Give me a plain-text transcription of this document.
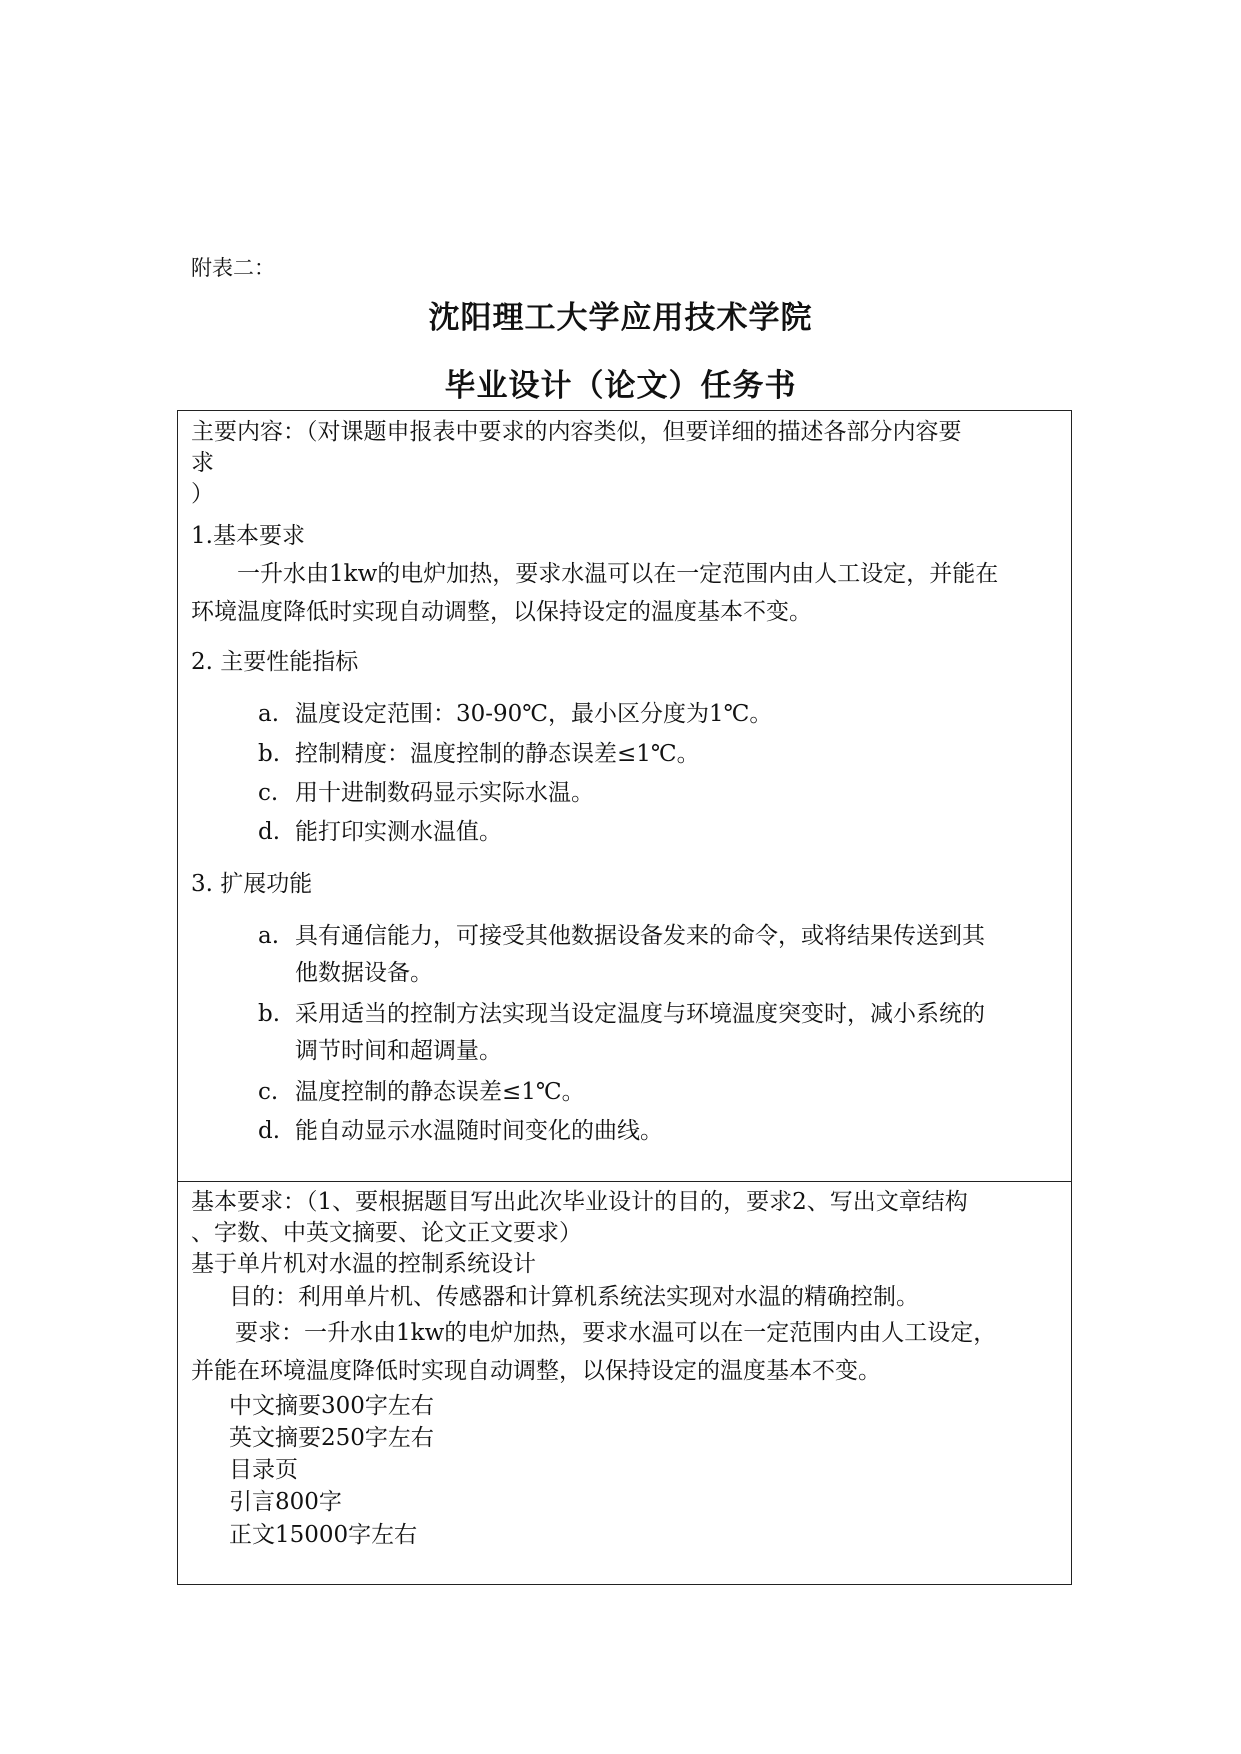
附表二：
沈阳理工大学应用技术学院
毕业设计（论文）任务书
主要内容：（对课题申报表中要求的内容类似，但要详细的描述各部分内容要
求
）
1.基本要求
一升水由1kw的电炉加热，要求水温可以在一定范围内由人工设定，并能在
环境温度降低时实现自动调整，以保持设定的温度基本不变。
2. 主要性能指标
a. 温度设定范围：30-90℃，最小区分度为1℃。
b. 控制精度：温度控制的静态误差≤1℃。
c. 用十进制数码显示实际水温。
d. 能打印实测水温值。
3. 扩展功能
a. 具有通信能力，可接受其他数据设备发来的命令，或将结果传送到其
他数据设备。
b. 采用适当的控制方法实现当设定温度与环境温度突变时，减小系统的
调节时间和超调量。
c. 温度控制的静态误差≤1℃。
d. 能自动显示水温随时间变化的曲线。
基本要求：（1、要根据题目写出此次毕业设计的目的，要求2、写出文章结构
、字数、中英文摘要、论文正文要求）
基于单片机对水温的控制系统设计
目的：利用单片机、传感器和计算机系统法实现对水温的精确控制。
要求：一升水由1kw的电炉加热，要求水温可以在一定范围内由人工设定，
并能在环境温度降低时实现自动调整，以保持设定的温度基本不变。
中文摘要300字左右
英文摘要250字左右
目录页
引言800字
正文15000字左右
